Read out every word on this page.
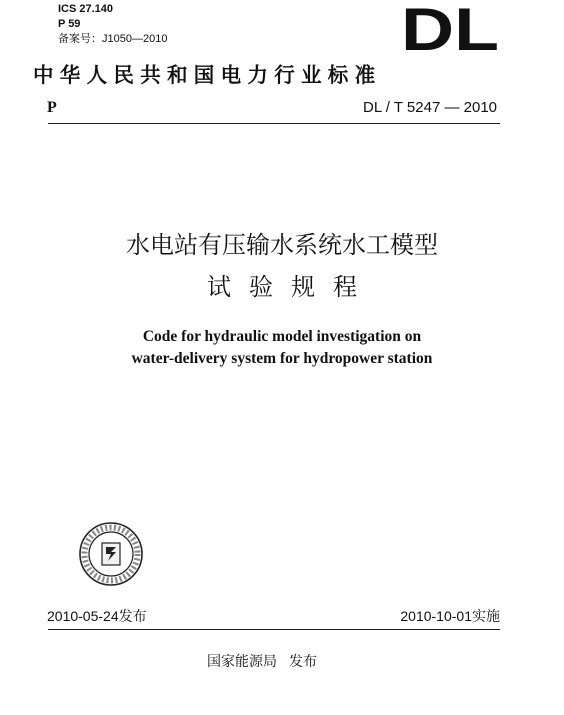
ICS 27.140
P 59
备案号：J1050—2010	DL
中华人民共和国电力行业标准
P	DL / T 5247 — 2010
水电站有压输水系统水工模型
试验规程
Code for hydraulic model investigation on
water-delivery system for hydropower station
2010-05-24发布	2010-10-01实施
国家能源局 发布
